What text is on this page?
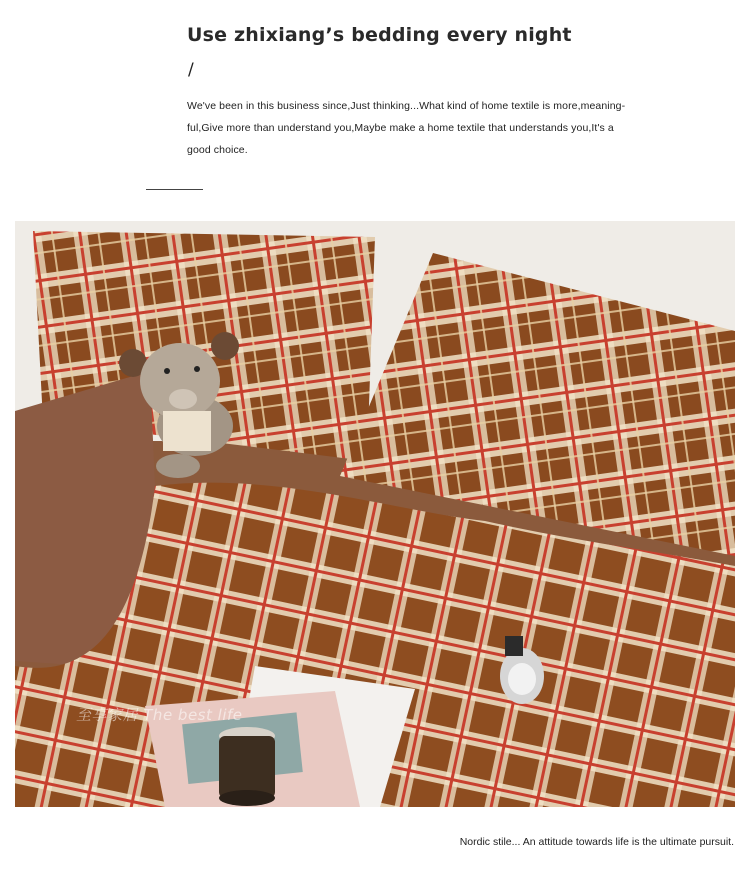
Use zhixiang’s bedding every night
/
We've been in this business since,Just thinking...What kind of home textile is more,meaning-ful,Give more than understand you,Maybe make a home textile that understands you,It's a good choice.
至享家居 The best life
Nordic stile... An attitude towards life is the ultimate pursuit.
